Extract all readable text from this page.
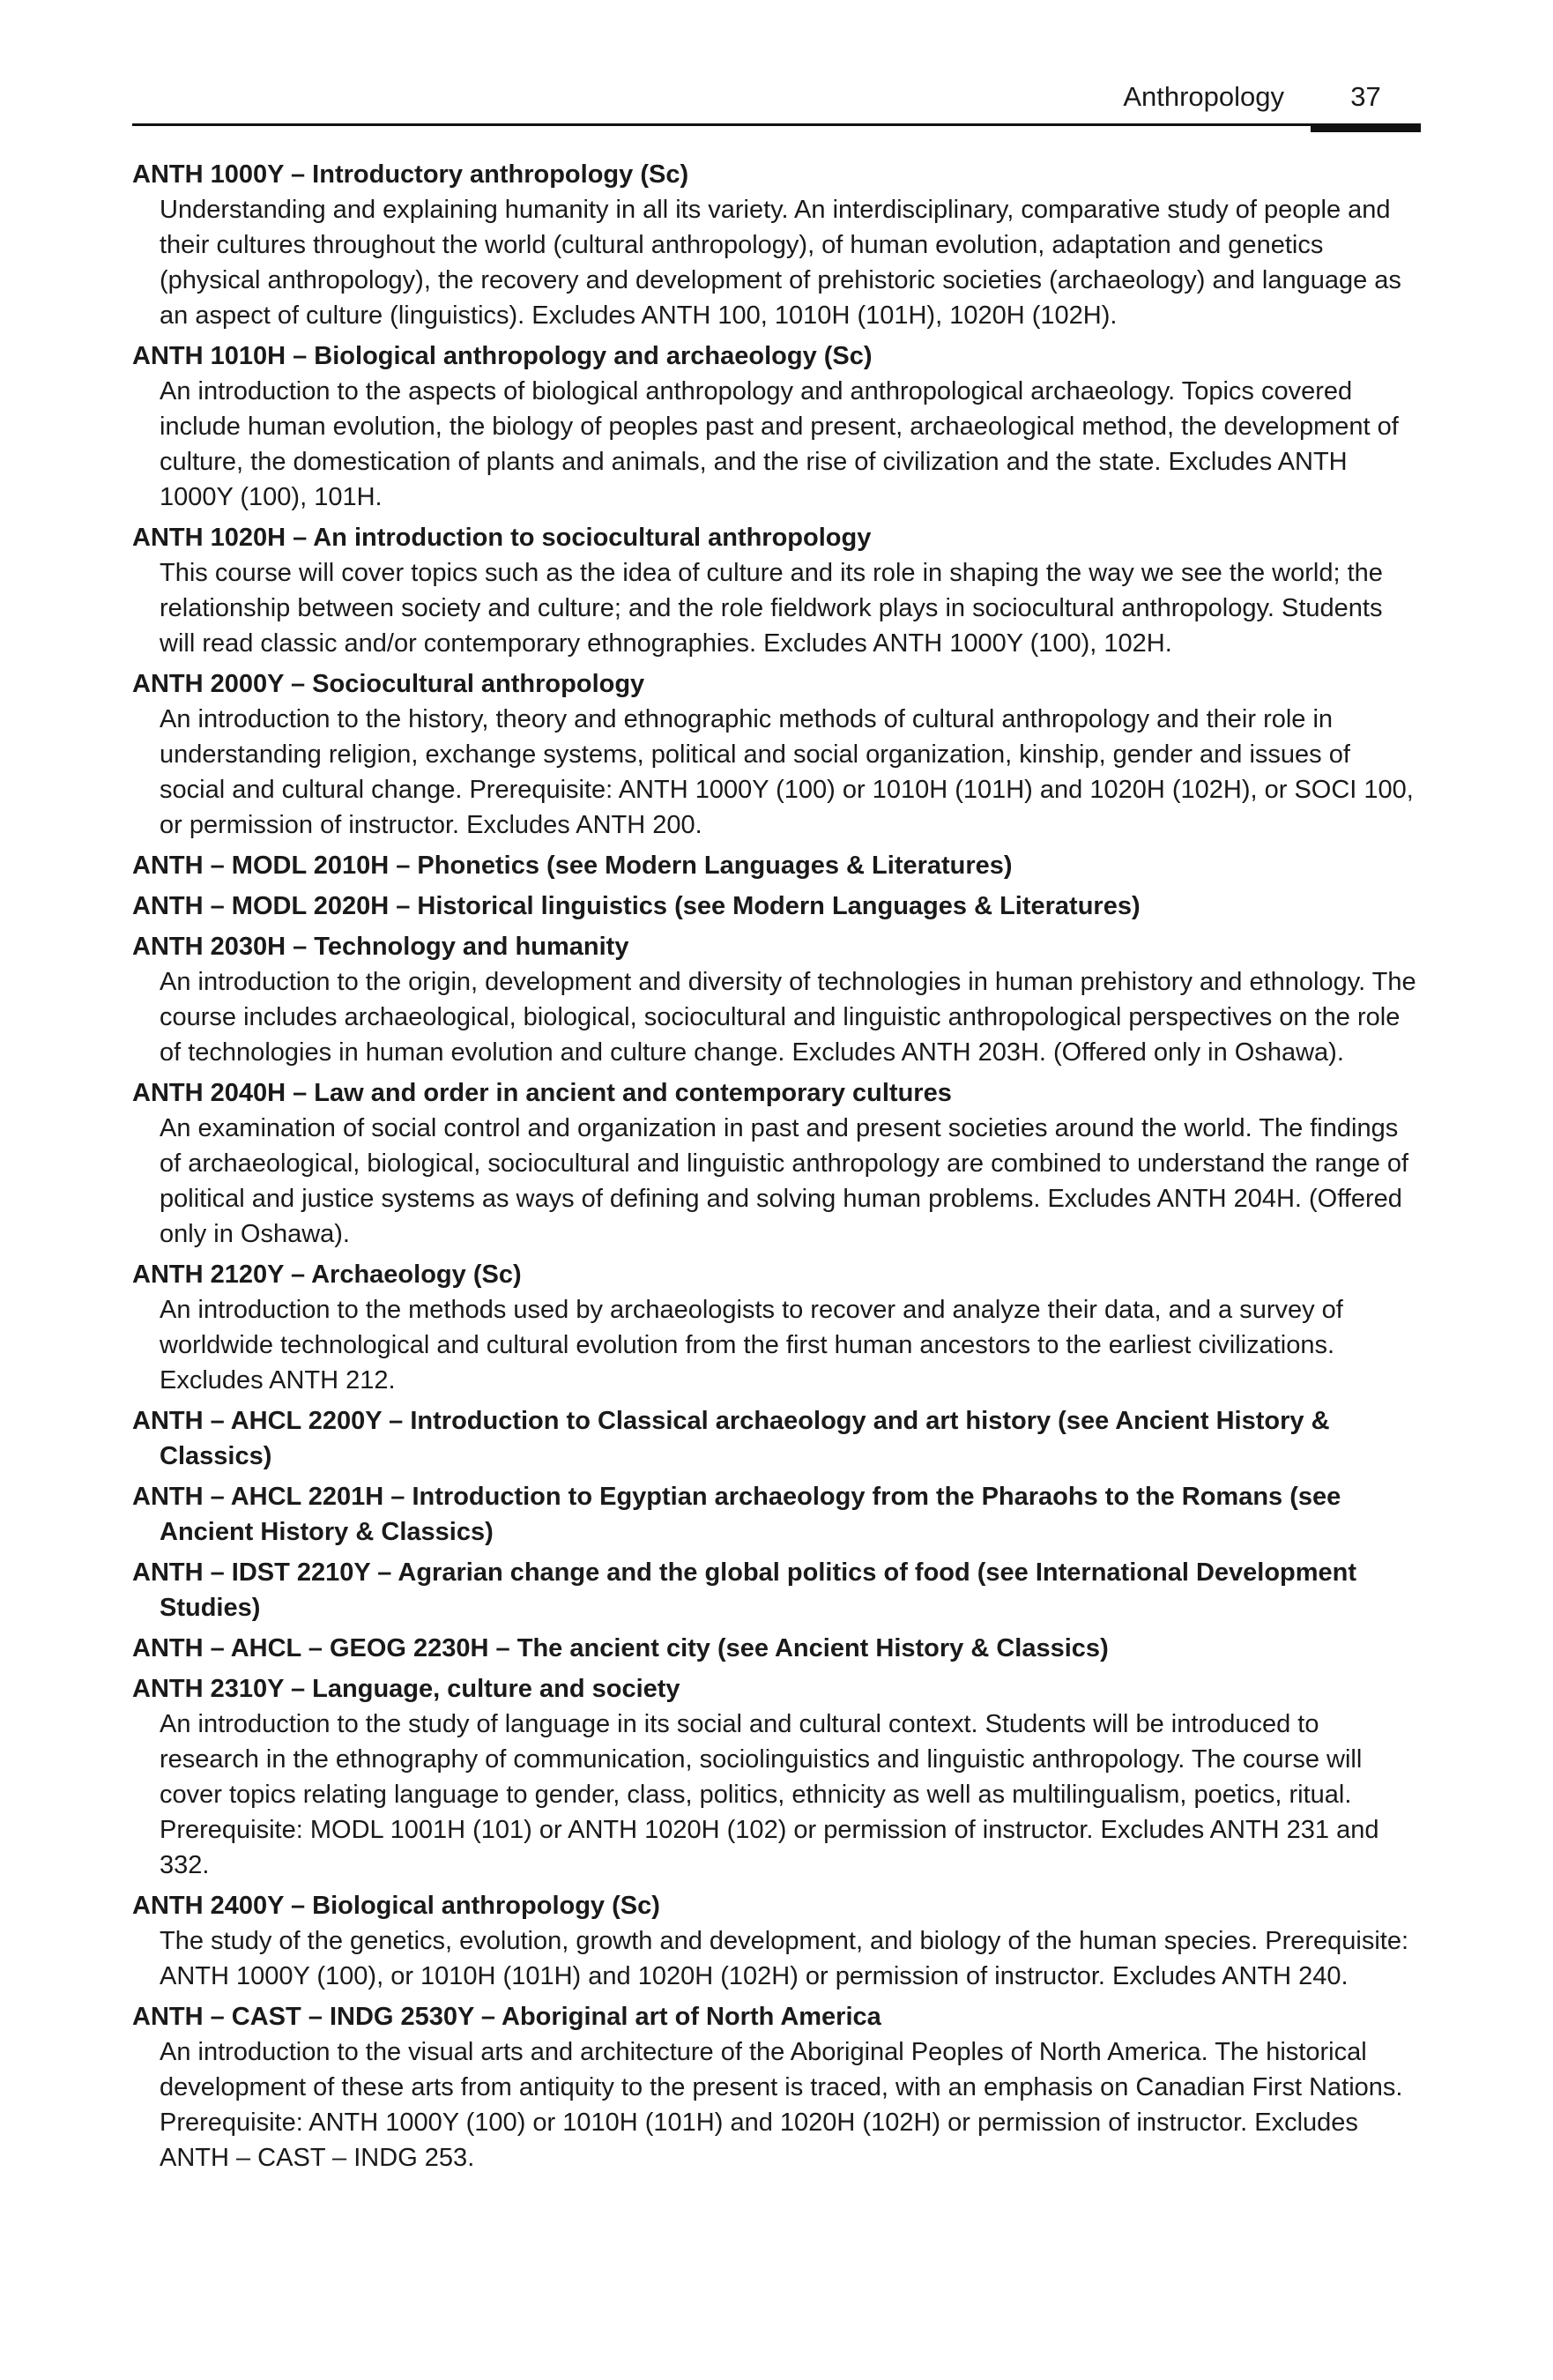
Anthropology	37
ANTH 1000Y – Introductory anthropology (Sc)
Understanding and explaining humanity in all its variety. An interdisciplinary, comparative study of people and their cultures throughout the world (cultural anthropology), of human evolution, adaptation and genetics (physical anthropology), the recovery and development of prehistoric societies (archaeology) and language as an aspect of culture (linguistics). Excludes ANTH 100, 1010H (101H), 1020H (102H).
ANTH 1010H – Biological anthropology and archaeology (Sc)
An introduction to the aspects of biological anthropology and anthropological archaeology. Topics covered include human evolution, the biology of peoples past and present, archaeological method, the development of culture, the domestication of plants and animals, and the rise of civilization and the state. Excludes ANTH 1000Y (100), 101H.
ANTH 1020H – An introduction to sociocultural anthropology
This course will cover topics such as the idea of culture and its role in shaping the way we see the world; the relationship between society and culture; and the role fieldwork plays in sociocultural anthropology. Students will read classic and/or contemporary ethnographies. Excludes ANTH 1000Y (100), 102H.
ANTH 2000Y – Sociocultural anthropology
An introduction to the history, theory and ethnographic methods of cultural anthropology and their role in understanding religion, exchange systems, political and social organization, kinship, gender and issues of social and cultural change. Prerequisite: ANTH 1000Y (100) or 1010H (101H) and 1020H (102H), or SOCI 100, or permission of instructor. Excludes ANTH 200.
ANTH – MODL 2010H – Phonetics (see Modern Languages & Literatures)
ANTH – MODL 2020H – Historical linguistics (see Modern Languages & Literatures)
ANTH 2030H – Technology and humanity
An introduction to the origin, development and diversity of technologies in human prehistory and ethnology. The course includes archaeological, biological, sociocultural and linguistic anthropological perspectives on the role of technologies in human evolution and culture change. Excludes ANTH 203H. (Offered only in Oshawa).
ANTH 2040H – Law and order in ancient and contemporary cultures
An examination of social control and organization in past and present societies around the world. The findings of archaeological, biological, sociocultural and linguistic anthropology are combined to understand the range of political and justice systems as ways of defining and solving human problems. Excludes ANTH 204H. (Offered only in Oshawa).
ANTH 2120Y – Archaeology (Sc)
An introduction to the methods used by archaeologists to recover and analyze their data, and a survey of worldwide technological and cultural evolution from the first human ancestors to the earliest civilizations. Excludes ANTH 212.
ANTH – AHCL 2200Y – Introduction to Classical archaeology and art history (see Ancient History & Classics)
ANTH – AHCL 2201H – Introduction to Egyptian archaeology from the Pharaohs to the Romans (see Ancient History & Classics)
ANTH – IDST 2210Y – Agrarian change and the global politics of food (see International Development Studies)
ANTH – AHCL – GEOG 2230H – The ancient city (see Ancient History & Classics)
ANTH 2310Y – Language, culture and society
An introduction to the study of language in its social and cultural context. Students will be introduced to research in the ethnography of communication, sociolinguistics and linguistic anthropology. The course will cover topics relating language to gender, class, politics, ethnicity as well as multilingualism, poetics, ritual. Prerequisite: MODL 1001H (101) or ANTH 1020H (102) or permission of instructor. Excludes ANTH 231 and 332.
ANTH 2400Y – Biological anthropology (Sc)
The study of the genetics, evolution, growth and development, and biology of the human species. Prerequisite: ANTH 1000Y (100), or 1010H (101H) and 1020H (102H) or permission of instructor. Excludes ANTH 240.
ANTH – CAST – INDG 2530Y – Aboriginal art of North America
An introduction to the visual arts and architecture of the Aboriginal Peoples of North America. The historical development of these arts from antiquity to the present is traced, with an emphasis on Canadian First Nations. Prerequisite: ANTH 1000Y (100) or 1010H (101H) and 1020H (102H) or permission of instructor. Excludes ANTH – CAST – INDG 253.
